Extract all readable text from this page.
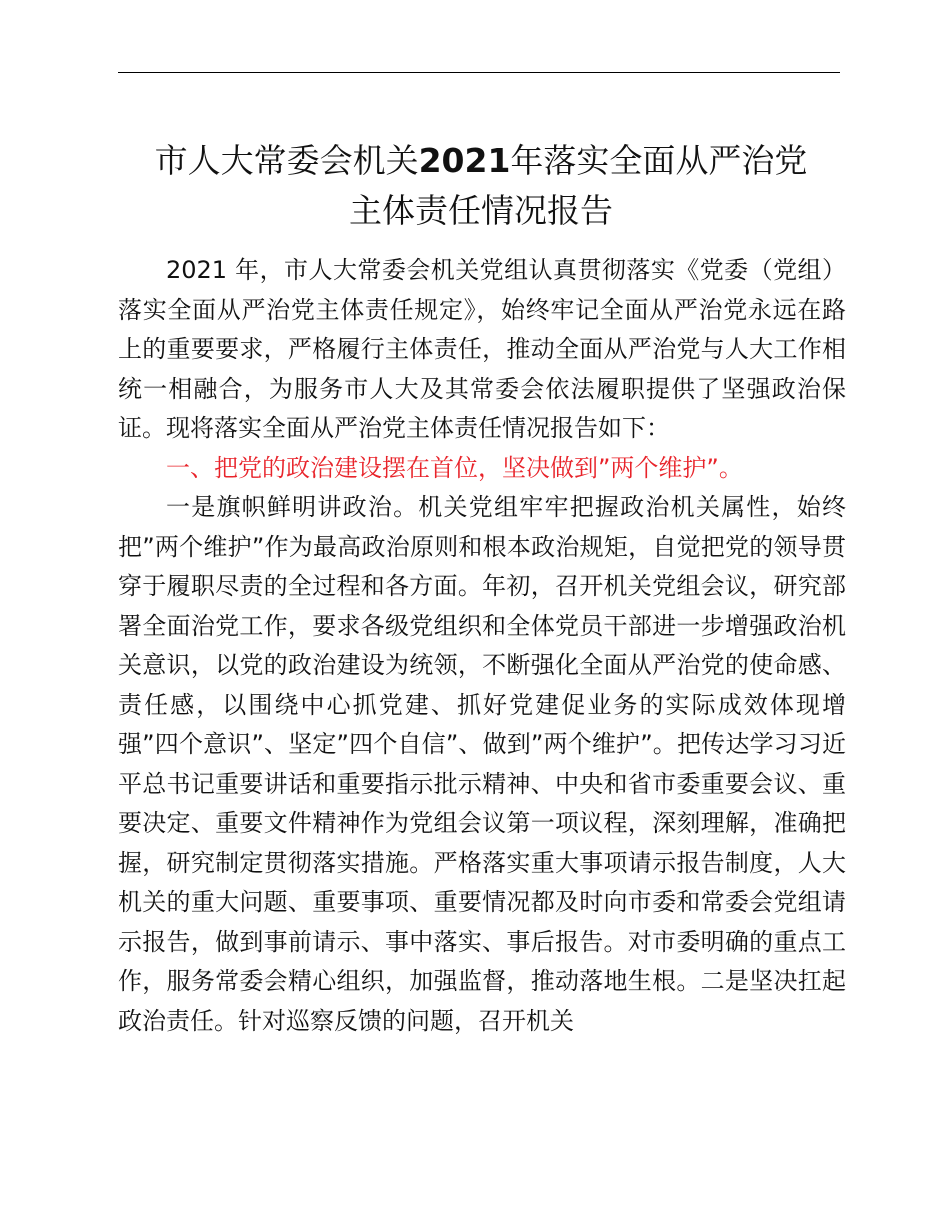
市人大常委会机关2021年落实全面从严治党
主体责任情况报告

2021 年，市人大常委会机关党组认真贯彻落实《党委（党组）落实全面从严治党主体责任规定》，始终牢记全面从严治党永远在路上的重要要求，严格履行主体责任，推动全面从严治党与人大工作相统一相融合，为服务市人大及其常委会依法履职提供了坚强政治保证。现将落实全面从严治党主体责任情况报告如下：

一、把党的政治建设摆在首位，坚决做到”两个维护”。

一是旗帜鲜明讲政治。机关党组牢牢把握政治机关属性，始终把”两个维护”作为最高政治原则和根本政治规矩，自觉把党的领导贯穿于履职尽责的全过程和各方面。年初，召开机关党组会议，研究部署全面治党工作，要求各级党组织和全体党员干部进一步增强政治机关意识，以党的政治建设为统领，不断强化全面从严治党的使命感、责任感，以围绕中心抓党建、抓好党建促业务的实际成效体现增强”四个意识”、坚定”四个自信”、做到”两个维护”。把传达学习习近平总书记重要讲话和重要指示批示精神、中央和省市委重要会议、重要决定、重要文件精神作为党组会议第一项议程，深刻理解，准确把握，研究制定贯彻落实措施。严格落实重大事项请示报告制度，人大机关的重大问题、重要事项、重要情况都及时向市委和常委会党组请示报告，做到事前请示、事中落实、事后报告。对市委明确的重点工作，服务常委会精心组织，加强监督，推动落地生根。二是坚决扛起政治责任。针对巡察反馈的问题，召开机关
